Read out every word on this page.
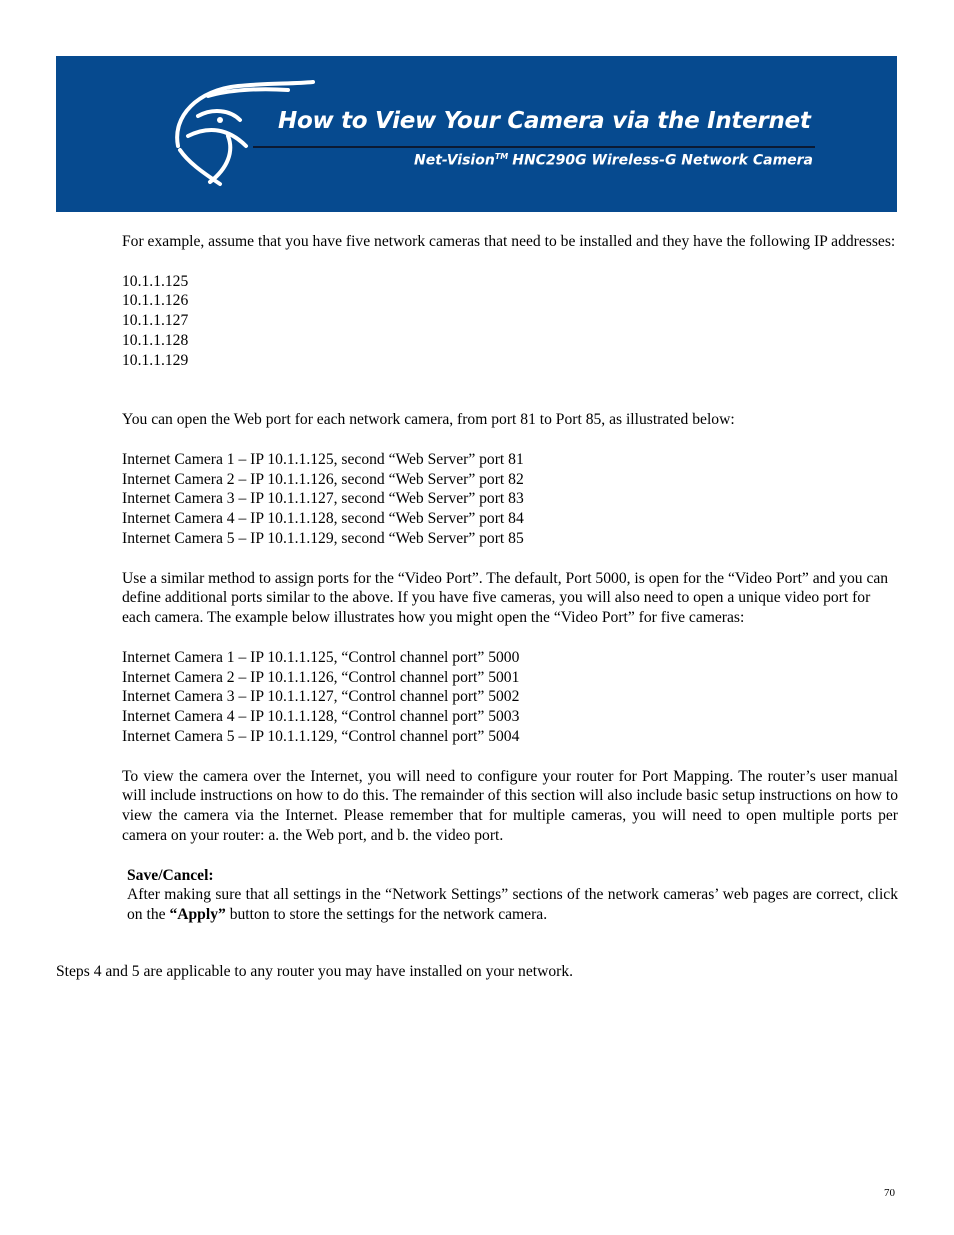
How to View Your Camera via the Internet
Net-Vision™ HNC290G Wireless-G Network Camera

For example, assume that you have five network cameras that need to be installed and they have the following IP addresses:

10.1.1.125
10.1.1.126
10.1.1.127
10.1.1.128
10.1.1.129

You can open the Web port for each network camera, from port 81 to Port 85, as illustrated below:

Internet Camera 1 – IP 10.1.1.125, second “Web Server” port 81
Internet Camera 2 – IP 10.1.1.126, second “Web Server” port 82
Internet Camera 3 – IP 10.1.1.127, second “Web Server” port 83
Internet Camera 4 – IP 10.1.1.128, second “Web Server” port 84
Internet Camera 5 – IP 10.1.1.129, second “Web Server” port 85

Use a similar method to assign ports for the “Video Port”. The default, Port 5000, is open for the “Video Port” and you can define additional ports similar to the above. If you have five cameras, you will also need to open a unique video port for each camera. The example below illustrates how you might open the “Video Port” for five cameras:

Internet Camera 1 – IP 10.1.1.125, “Control channel port” 5000
Internet Camera 2 – IP 10.1.1.126, “Control channel port” 5001
Internet Camera 3 – IP 10.1.1.127, “Control channel port” 5002
Internet Camera 4 – IP 10.1.1.128, “Control channel port” 5003
Internet Camera 5 – IP 10.1.1.129, “Control channel port” 5004

To view the camera over the Internet, you will need to configure your router for Port Mapping. The router’s user manual will include instructions on how to do this. The remainder of this section will also include basic setup instructions on how to view the camera via the Internet. Please remember that for multiple cameras, you will need to open multiple ports per camera on your router: a. the Web port, and b. the video port.

Save/Cancel:
After making sure that all settings in the “Network Settings” sections of the network cameras’ web pages are correct, click on the “Apply” button to store the settings for the network camera.
Steps 4 and 5 are applicable to any router you may have installed on your network.
70
